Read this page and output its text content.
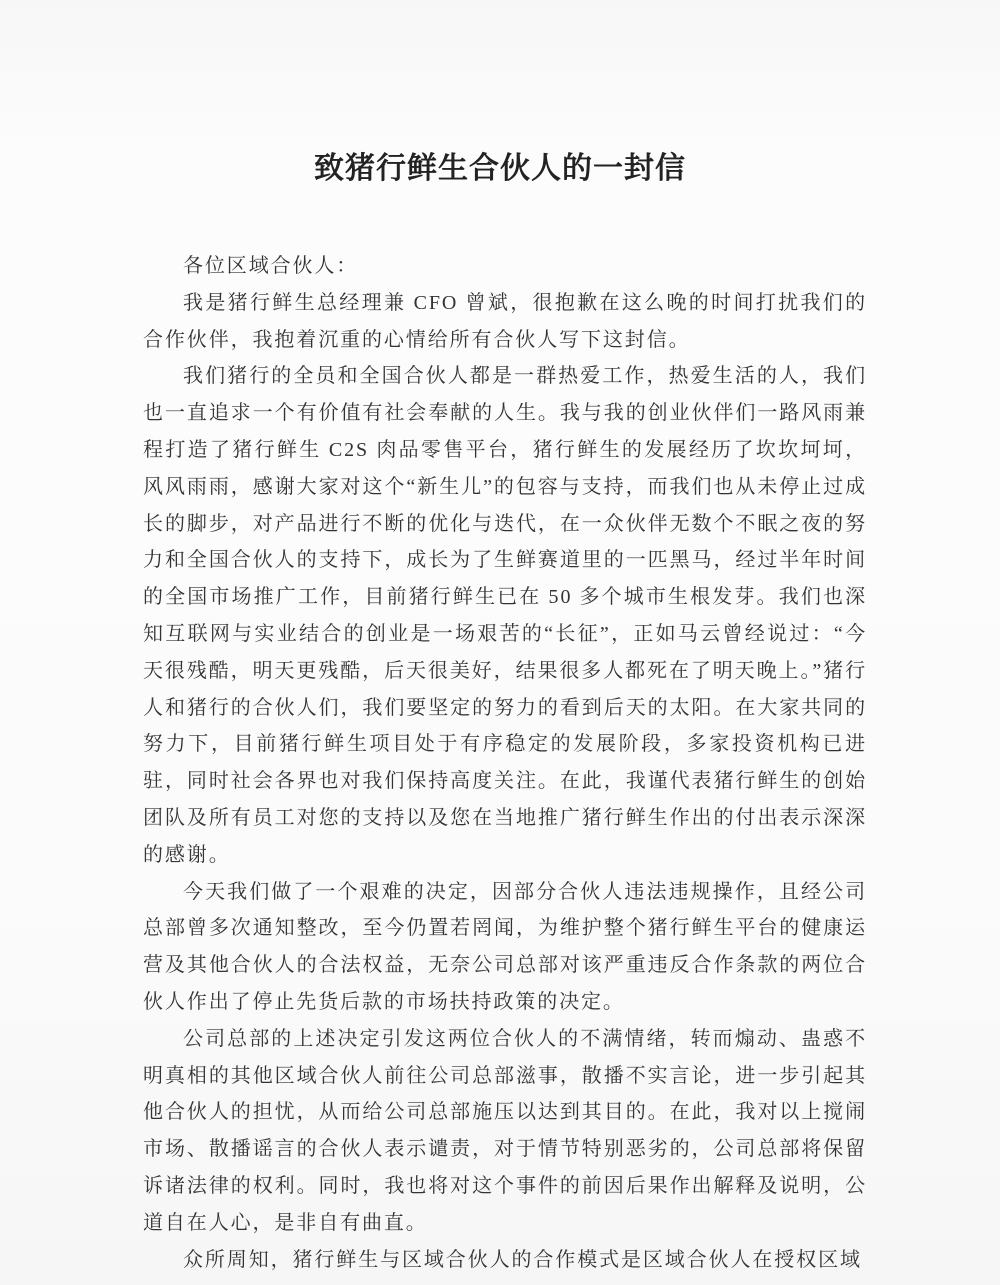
致猪行鲜生合伙人的一封信

各位区域合伙人：

我是猪行鲜生总经理兼 CFO 曾斌，很抱歉在这么晚的时间打扰我们的合作伙伴，我抱着沉重的心情给所有合伙人写下这封信。

我们猪行的全员和全国合伙人都是一群热爱工作，热爱生活的人，我们也一直追求一个有价值有社会奉献的人生。我与我的创业伙伴们一路风雨兼程打造了猪行鲜生 C2S 肉品零售平台，猪行鲜生的发展经历了坎坎坷坷，风风雨雨，感谢大家对这个“新生儿”的包容与支持，而我们也从未停止过成长的脚步，对产品进行不断的优化与迭代，在一众伙伴无数个不眠之夜的努力和全国合伙人的支持下，成长为了生鲜赛道里的一匹黑马，经过半年时间的全国市场推广工作，目前猪行鲜生已在 50 多个城市生根发芽。我们也深知互联网与实业结合的创业是一场艰苦的“长征”，正如马云曾经说过：“今天很残酷，明天更残酷，后天很美好，结果很多人都死在了明天晚上。”猪行人和猪行的合伙人们，我们要坚定的努力的看到后天的太阳。在大家共同的努力下，目前猪行鲜生项目处于有序稳定的发展阶段，多家投资机构已进驻，同时社会各界也对我们保持高度关注。在此，我谨代表猪行鲜生的创始团队及所有员工对您的支持以及您在当地推广猪行鲜生作出的付出表示深深的感谢。

今天我们做了一个艰难的决定，因部分合伙人违法违规操作，且经公司总部曾多次通知整改，至今仍置若罔闻，为维护整个猪行鲜生平台的健康运营及其他合伙人的合法权益，无奈公司总部对该严重违反合作条款的两位合伙人作出了停止先货后款的市场扶持政策的决定。

公司总部的上述决定引发这两位合伙人的不满情绪，转而煽动、蛊惑不明真相的其他区域合伙人前往公司总部滋事，散播不实言论，进一步引起其他合伙人的担忧，从而给公司总部施压以达到其目的。在此，我对以上搅闹市场、散播谣言的合伙人表示谴责，对于情节特别恶劣的，公司总部将保留诉诸法律的权利。同时，我也将对这个事件的前因后果作出解释及说明，公道自在人心，是非自有曲直。

众所周知，猪行鲜生与区域合伙人的合作模式是区域合伙人在授权区域
